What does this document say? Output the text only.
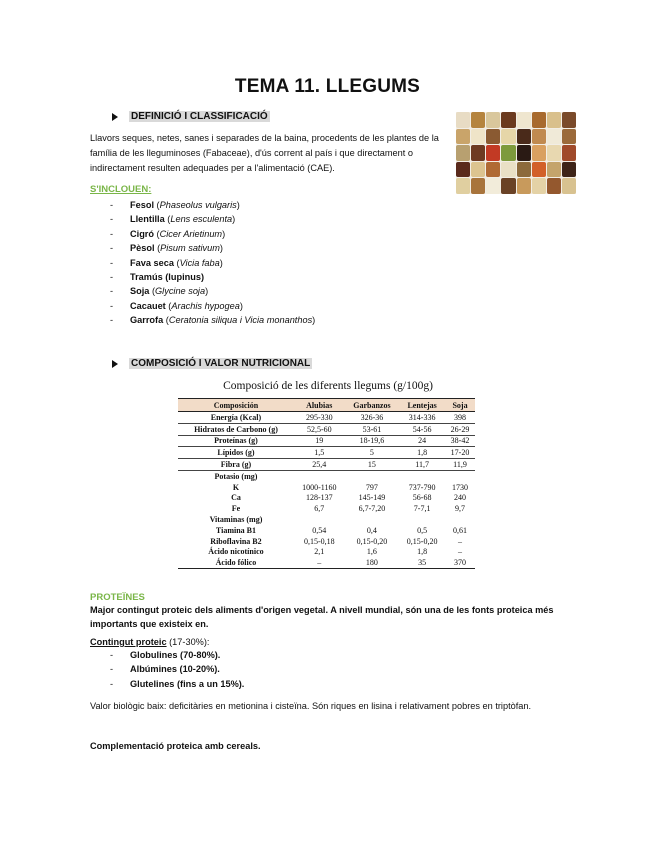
TEMA 11. LLEGUMS
DEFINICIÓ I CLASSIFICACIÓ
Llavors seques, netes, sanes i separades de la baina, procedents de les plantes de la família de les lleguminoses (Fabaceae), d'ús corrent al país i que directament o indirectament resulten adequades per a l'alimentació (CAE).
S'INCLOUEN:
- Fesol (Phaseolus vulgaris)
- Llentilla (Lens esculenta)
- Cigró (Cicer Arietinum)
- Pèsol (Pisum sativum)
- Fava seca (Vicia faba)
- Tramús (lupinus)
- Soja (Glycine soja)
- Cacauet (Arachis hypogea)
- Garrofa (Ceratonia siliqua i Vicia monanthos)
COMPOSICIÓ I VALOR NUTRICIONAL
Composició de les diferents llegums (g/100g)
Composición	Alubias	Garbanzos	Lentejas	Soja
Energía (Kcal)	295-330	326-36	314-336	398
Hidratos de Carbono (g)	52,5-60	53-61	54-56	26-29
Proteínas (g)	19	18-19,6	24	38-42
Lípidos (g)	1,5	5	1,8	17-20
Fibra (g)	25,4	15	11,7	11,9
Potasio (mg)				
K	1000-1160	797	737-790	1730
Ca	128-137	145-149	56-68	240
Fe	6,7	6,7-7,20	7-7,1	9,7
Vitaminas (mg)				
Tiamina B1	0,54	0,4	0,5	0,61
Riboflavina B2	0,15-0,18	0,15-0,20	0,15-0,20	–
Ácido nicotínico	2,1	1,6	1,8	–
Ácido fólico	–	180	35	370
PROTEÏNES
Major contingut proteic dels aliments d'origen vegetal. A nivell mundial, són una de les fonts proteica més importants que existeix en.
Contingut proteic (17-30%):
- Globulines (70-80%).
- Albúmines (10-20%).
- Glutelines (fins a un 15%).
Valor biològic baix: deficitàries en metionina i cisteïna. Són riques en lisina i relativament pobres en triptòfan.
Complementació proteica amb cereals.
